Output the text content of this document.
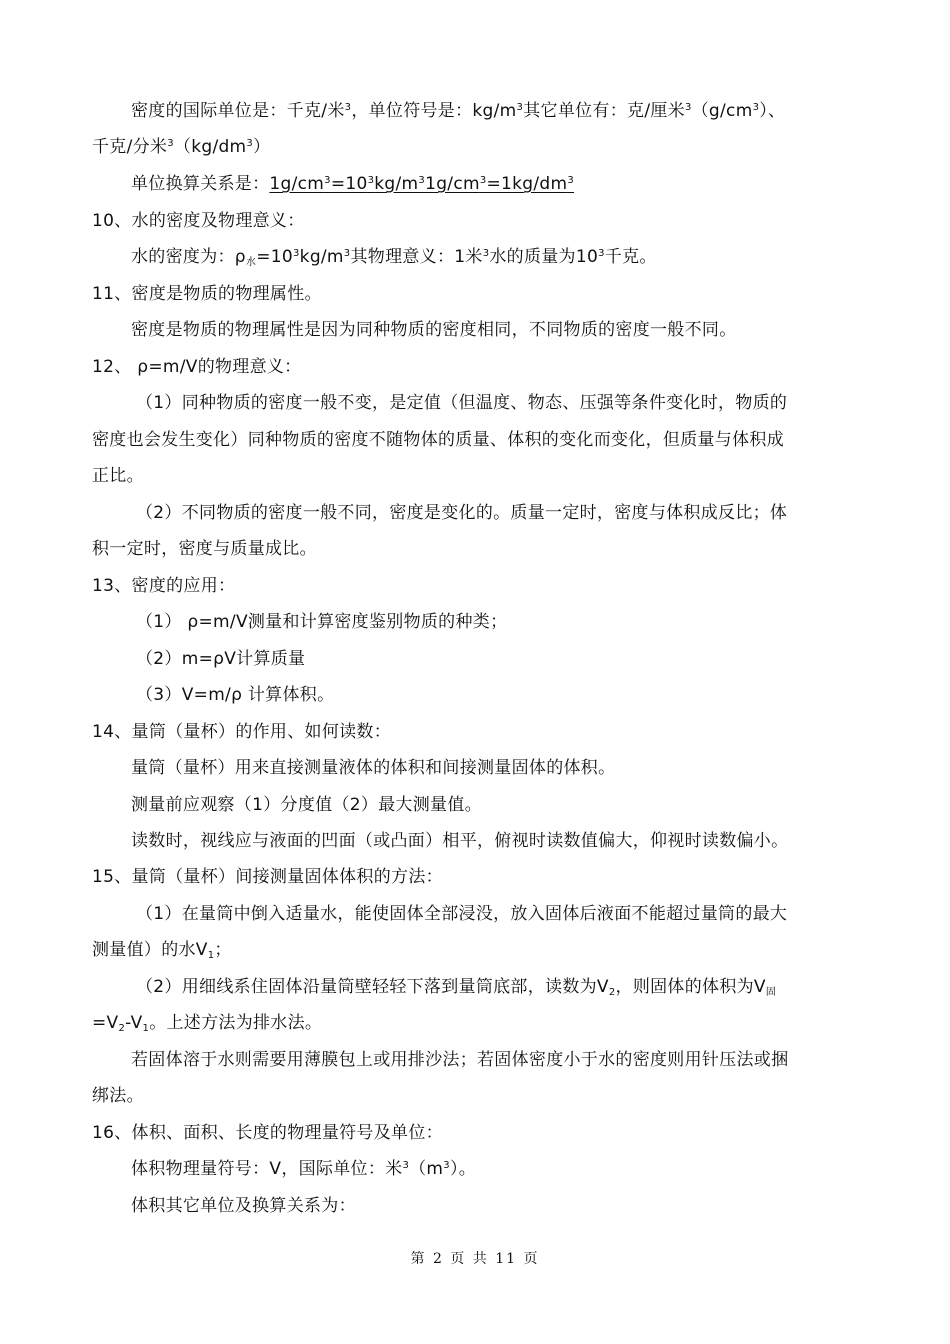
密度的国际单位是：千克/米$^3$，单位符号是：$kg/m^3$其它单位有：克/厘米$^3(g/cm^3)$、
千克/分米$^3(kg/dm^3)$
单位换算关系是：$1g/cm^3=10^3kg/m^31g/cm^3=1kg/dm^3$
10、水的密度及物理意义：
水的密度为：$\rho_水=10^3kg/m^3$其物理意义：1米$^3$水的质量为$10^3$千克。
11、密度是物质的物理属性。
密度是物质的物理属性是因为同种物质的密度相同，不同物质的密度一般不同。
12、 ρ=m/V的物理意义：
（1）同种物质的密度一般不变，是定值（但温度、物态、压强等条件变化时，物质的
密度也会发生变化）同种物质的密度不随物体的质量、体积的变化而变化，但质量与体积成
正比。
（2）不同物质的密度一般不同，密度是变化的。质量一定时，密度与体积成反比；体
积一定时，密度与质量成比。
13、密度的应用：
（1） ρ=m/V测量和计算密度鉴别物质的种类；
（2）m=ρV计算质量
（3）V=m/ρ 计算体积。
14、量筒（量杯）的作用、如何读数：
量筒（量杯）用来直接测量液体的体积和间接测量固体的体积。
测量前应观察（1）分度值（2）最大测量值。
读数时，视线应与液面的凹面（或凸面）相平，俯视时读数值偏大，仰视时读数偏小。
15、量筒（量杯）间接测量固体体积的方法：
（1）在量筒中倒入适量水，能使固体全部浸没，放入固体后液面不能超过量筒的最大
测量值）的水$V_1$；
（2）用细线系住固体沿量筒壁轻轻下落到量筒底部，读数为$V_2$，则固体的体积为$V_固$
$=V_2-V_1$。上述方法为排水法。
若固体溶于水则需要用薄膜包上或用排沙法；若固体密度小于水的密度则用针压法或捆
绑法。
16、体积、面积、长度的物理量符号及单位：
体积物理量符号：V，国际单位：米$^3(m^3)$。
体积其它单位及换算关系为：
第 2 页 共 11 页
